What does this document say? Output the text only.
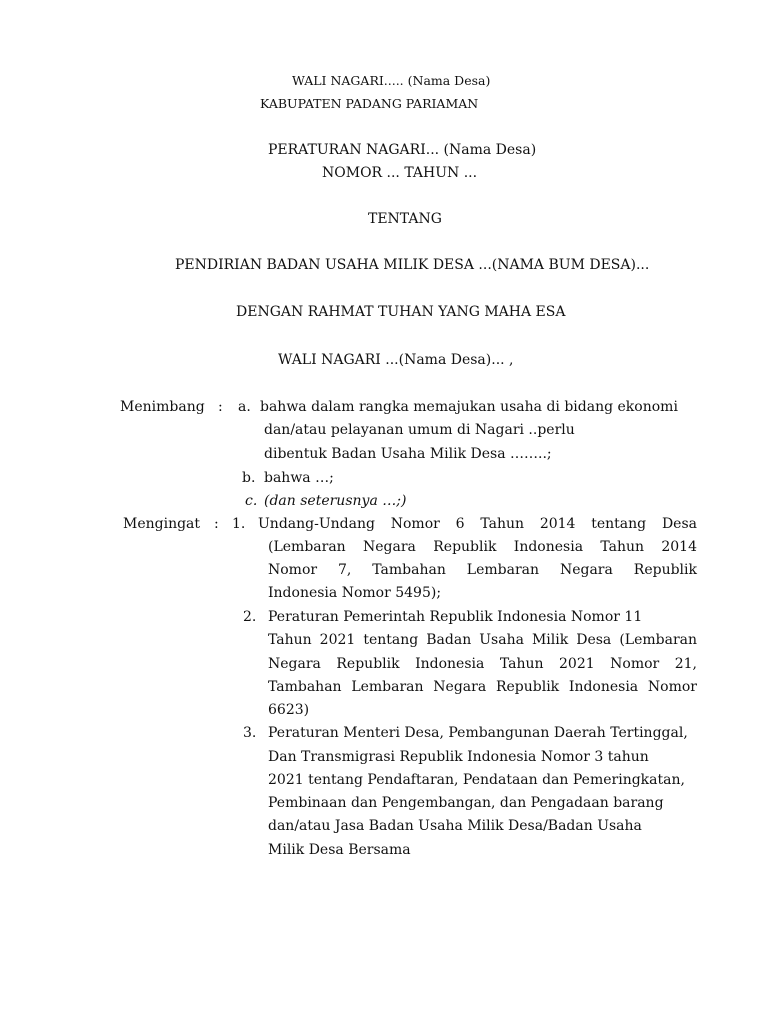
WALI NAGARI..... (Nama Desa)
KABUPATEN PADANG PARIAMAN
PERATURAN NAGARI... (Nama Desa)
NOMOR ... TAHUN ...
TENTANG
PENDIRIAN BADAN USAHA MILIK DESA ...(NAMA BUM DESA)...
DENGAN RAHMAT TUHAN YANG MAHA ESA
WALI NAGARI ...(Nama Desa)... ,
Menimbang : a. bahwa dalam rangka memajukan usaha di bidang ekonomi
dan/atau pelayanan umum di Nagari ..perlu
dibentuk Badan Usaha Milik Desa ……..;
b. bahwa …;
c. (dan seterusnya …;)
Mengingat : 1. Undang-Undang Nomor 6 Tahun 2014 tentang Desa
(Lembaran Negara Republik Indonesia Tahun 2014
Nomor 7, Tambahan Lembaran Negara Republik
Indonesia Nomor 5495);
2. Peraturan Pemerintah Republik Indonesia Nomor 11
Tahun 2021 tentang Badan Usaha Milik Desa (Lembaran
Negara Republik Indonesia Tahun 2021 Nomor 21,
Tambahan Lembaran Negara Republik Indonesia Nomor
6623)
3. Peraturan Menteri Desa, Pembangunan Daerah Tertinggal,
Dan Transmigrasi Republik Indonesia Nomor 3 tahun
2021 tentang Pendaftaran, Pendataan dan Pemeringkatan,
Pembinaan dan Pengembangan, dan Pengadaan barang
dan/atau Jasa Badan Usaha Milik Desa/Badan Usaha
Milik Desa Bersama
